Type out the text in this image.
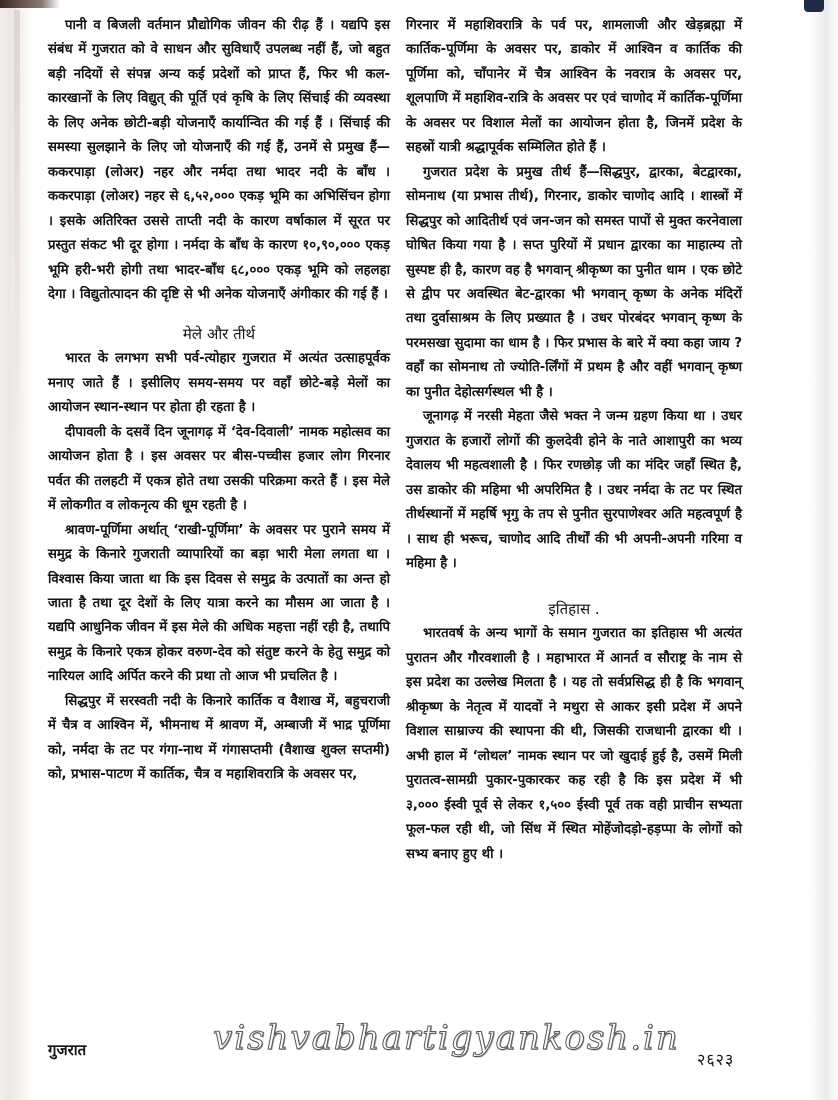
पानी व बिजली वर्तमान प्रौद्योगिक जीवन की रीढ़ हैं । यद्यपि इस संबंध में गुजरात को वे साधन और सुविधाएँ उपलब्ध नहीं हैं, जो बहुत बड़ी नदियों से संपन्न अन्य कई प्रदेशों को प्राप्त हैं, फिर भी कल-कारखानों के लिए विद्युत् की पूर्ति एवं कृषि के लिए सिंचाई की व्यवस्था के लिए अनेक छोटी-बड़ी योजनाएँ कार्यान्वित की गई हैं । सिंचाई की समस्या सुलझाने के लिए जो योजनाएँ की गई हैं, उनमें से प्रमुख हैं—ककरपाड़ा (लोअर) नहर और नर्मदा तथा भादर नदी के बाँध । ककरपाड़ा (लोअर) नहर से ६,५२,००० एकड़ भूमि का अभिसिंचन होगा । इसके अतिरिक्त उससे ताप्ती नदी के कारण वर्षाकाल में सूरत पर प्रस्तुत संकट भी दूर होगा । नर्मदा के बाँध के कारण १०,९०,००० एकड़ भूमि हरी-भरी होगी तथा भादर-बाँध ६८,००० एकड़ भूमि को लहलहा देगा । विद्युतोत्पादन की दृष्टि से भी अनेक योजनाएँ अंगीकार की गई हैं ।

मेले और तीर्थ

भारत के लगभग सभी पर्व-त्योहार गुजरात में अत्यंत उत्साहपूर्वक मनाए जाते हैं । इसीलिए समय-समय पर वहाँ छोटे-बड़े मेलों का आयोजन स्थान-स्थान पर होता ही रहता है ।

दीपावली के दसवें दिन जूनागढ़ में ‘देव-दिवाली’ नामक महोत्सव का आयोजन होता है । इस अवसर पर बीस-पच्चीस हजार लोग गिरनार पर्वत की तलहटी में एकत्र होते तथा उसकी परिक्रमा करते हैं । इस मेले में लोकगीत व लोकनृत्य की धूम रहती है ।

श्रावण-पूर्णिमा अर्थात् ‘राखी-पूर्णिमा’ के अवसर पर पुराने समय में समुद्र के किनारे गुजराती व्यापारियों का बड़ा भारी मेला लगता था । विश्वास किया जाता था कि इस दिवस से समुद्र के उत्पातों का अन्त हो जाता है तथा दूर देशों के लिए यात्रा करने का मौसम आ जाता है । यद्यपि आधुनिक जीवन में इस मेले की अधिक महत्ता नहीं रही है, तथापि समुद्र के किनारे एकत्र होकर वरुण-देव को संतुष्ट करने के हेतु समुद्र को नारियल आदि अर्पित करने की प्रथा तो आज भी प्रचलित है ।

सिद्धपुर में सरस्वती नदी के किनारे कार्तिक व वैशाख में, बहुचराजी में चैत्र व आश्विन में, भीमनाथ में श्रावण में, अम्बाजी में भाद्र पूर्णिमा को, नर्मदा के तट पर गंगा-नाथ में गंगासप्तमी (वैशाख शुक्ल सप्तमी) को, प्रभास-पाटण में कार्तिक, चैत्र व महाशिवरात्रि के अवसर पर,

गिरनार में महाशिवरात्रि के पर्व पर, शामलाजी और खेड़ब्रह्मा में कार्तिक-पूर्णिमा के अवसर पर, डाकोर में आश्विन व कार्तिक की पूर्णिमा को, चाँपानेर में चैत्र आश्विन के नवरात्र के अवसर पर, शूलपाणि में महाशिव-रात्रि के अवसर पर एवं चाणोद में कार्तिक-पूर्णिमा के अवसर पर विशाल मेलों का आयोजन होता है, जिनमें प्रदेश के सहस्रों यात्री श्रद्धापूर्वक सम्मिलित होते हैं ।

गुजरात प्रदेश के प्रमुख तीर्थ हैं—सिद्धपुर, द्वारका, बेटद्वारका, सोमनाथ (या प्रभास तीर्थ), गिरनार, डाकोर चाणोद आदि । शास्त्रों में सिद्धपुर को आदितीर्थ एवं जन-जन को समस्त पापों से मुक्त करनेवाला घोषित किया गया है । सप्त पुरियों में प्रधान द्वारका का माहात्म्य तो सुस्पष्ट ही है, कारण वह है भगवान् श्रीकृष्ण का पुनीत धाम । एक छोटे से द्वीप पर अवस्थित बेट-द्वारका भी भगवान् कृष्ण के अनेक मंदिरों तथा दुर्वासाश्रम के लिए प्रख्यात है । उधर पोरबंदर भगवान् कृष्ण के परमसखा सुदामा का धाम है । फिर प्रभास के बारे में क्या कहा जाय ? वहाँ का सोमनाथ तो ज्योति-र्लिंगों में प्रथम है और वहीं भगवान् कृष्ण का पुनीत देहोत्सर्गस्थल भी है ।

जूनागढ़ में नरसी मेहता जैसे भक्त ने जन्म ग्रहण किया था । उधर गुजरात के हजारों लोगों की कुलदेवी होने के नाते आशापुरी का भव्य देवालय भी महत्वशाली है । फिर रणछोड़ जी का मंदिर जहाँ स्थित है, उस डाकोर की महिमा भी अपरिमित है । उधर नर्मदा के तट पर स्थित तीर्थस्थानों में महर्षि भृगु के तप से पुनीत सुरपाणेश्वर अति महत्वपूर्ण है । साथ ही भरूच, चाणोद आदि तीर्थों की भी अपनी-अपनी गरिमा व महिमा है ।

इतिहास .

भारतवर्ष के अन्य भागों के समान गुजरात का इतिहास भी अत्यंत पुरातन और गौरवशाली है । महाभारत में आनर्त व सौराष्ट्र के नाम से इस प्रदेश का उल्लेख मिलता है । यह तो सर्वप्रसिद्ध ही है कि भगवान् श्रीकृष्ण के नेतृत्व में यादवों ने मथुरा से आकर इसी प्रदेश में अपने विशाल साम्राज्य की स्थापना की थी, जिसकी राजधानी द्वारका थी । अभी हाल में ‘लोथल’ नामक स्थान पर जो खुदाई हुई है, उसमें मिली पुरातत्व-सामग्री पुकार-पुकारकर कह रही है कि इस प्रदेश में भी ३,००० ईस्वी पूर्व से लेकर १,५०० ईस्वी पूर्व तक वही प्राचीन सभ्यता फूल-फल रही थी, जो सिंध में स्थित मोहेंजोदड़ो-हड़प्पा के लोगों को सभ्य बनाए हुए थी ।

vishvabhartigyankosh.in
गुजरात	२६२३
